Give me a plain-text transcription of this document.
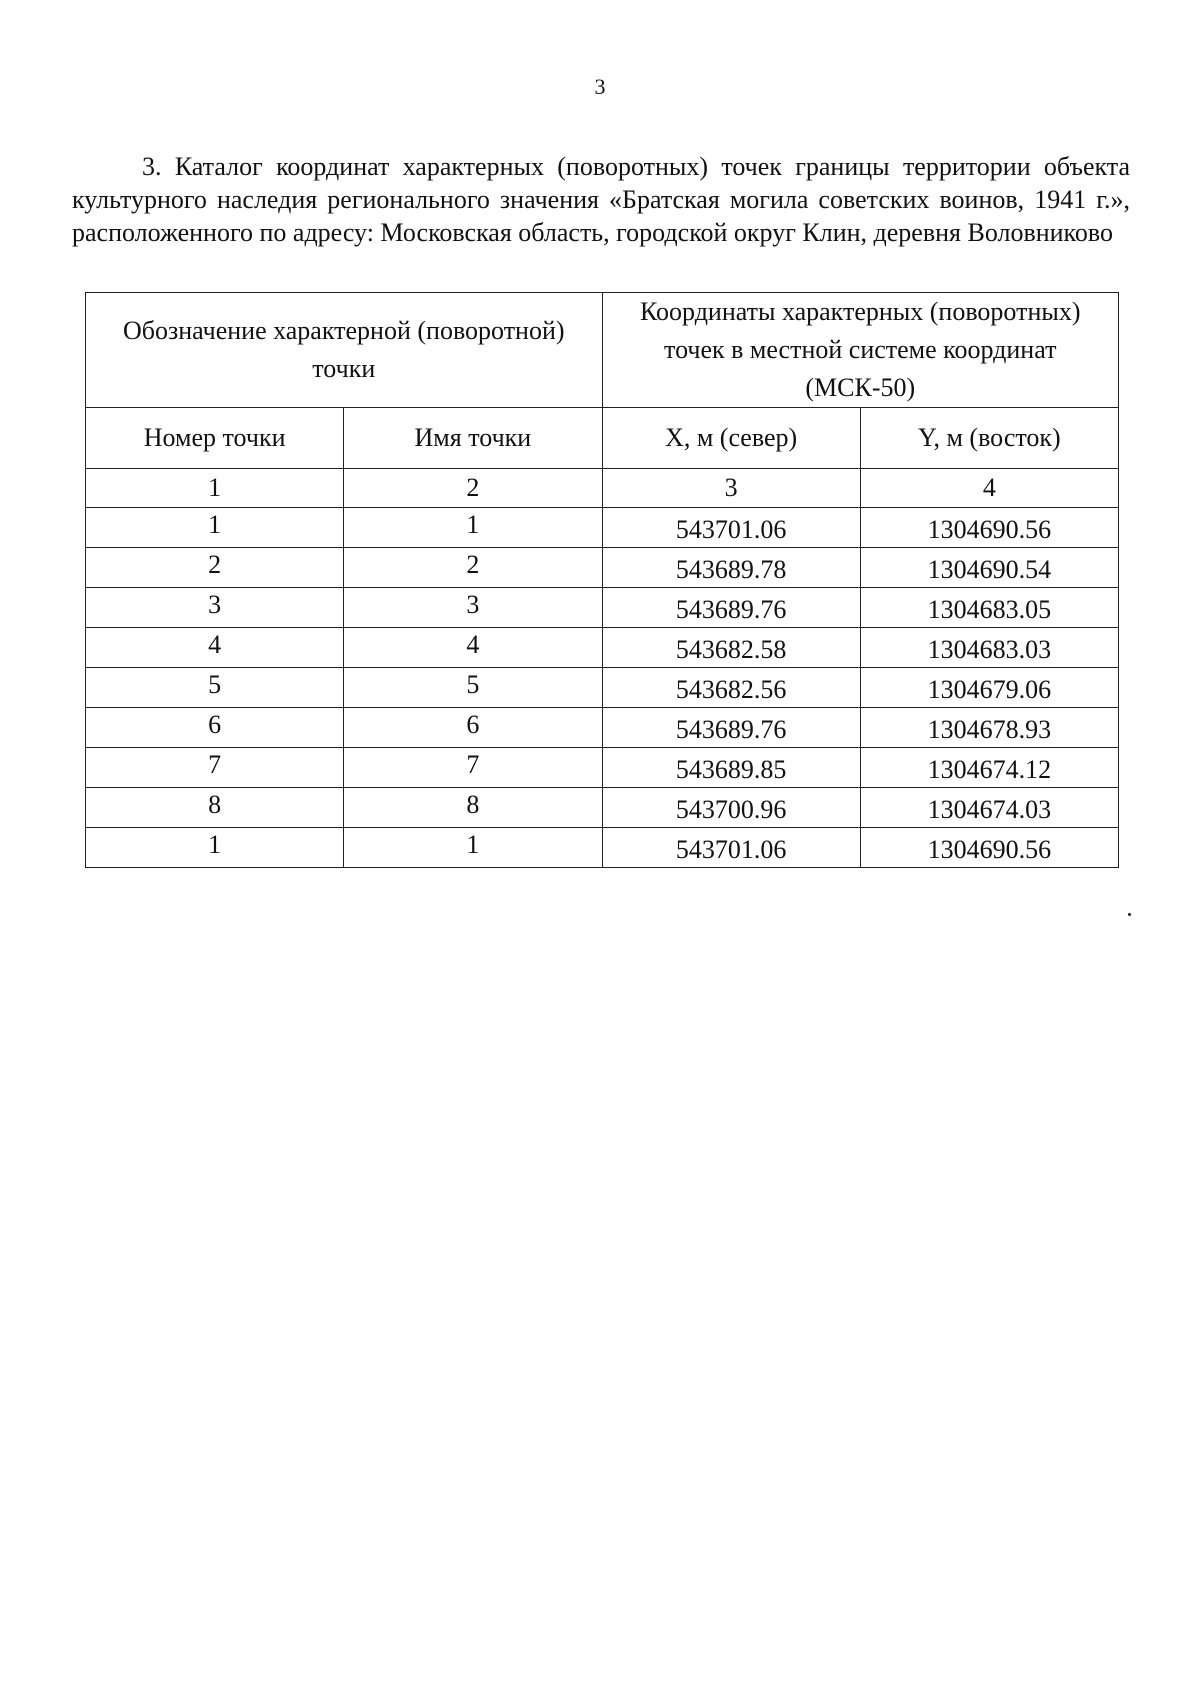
3

3. Каталог координат характерных (поворотных) точек границы территории объекта культурного наследия регионального значения «Братская могила советских воинов, 1941 г.», расположенного по адресу: Московская область, городской округ Клин, деревня Воловниково

Обозначение характерной (поворотной) точки		Координаты характерных (поворотных) точек в местной системе координат (МСК-50)	
Номер точки	Имя точки	X, м (север)	Y, м (восток)
1	2	3	4
1	1	543701.06	1304690.56
2	2	543689.78	1304690.54
3	3	543689.76	1304683.05
4	4	543682.58	1304683.03
5	5	543682.56	1304679.06
6	6	543689.76	1304678.93
7	7	543689.85	1304674.12
8	8	543700.96	1304674.03
1	1	543701.06	1304690.56
